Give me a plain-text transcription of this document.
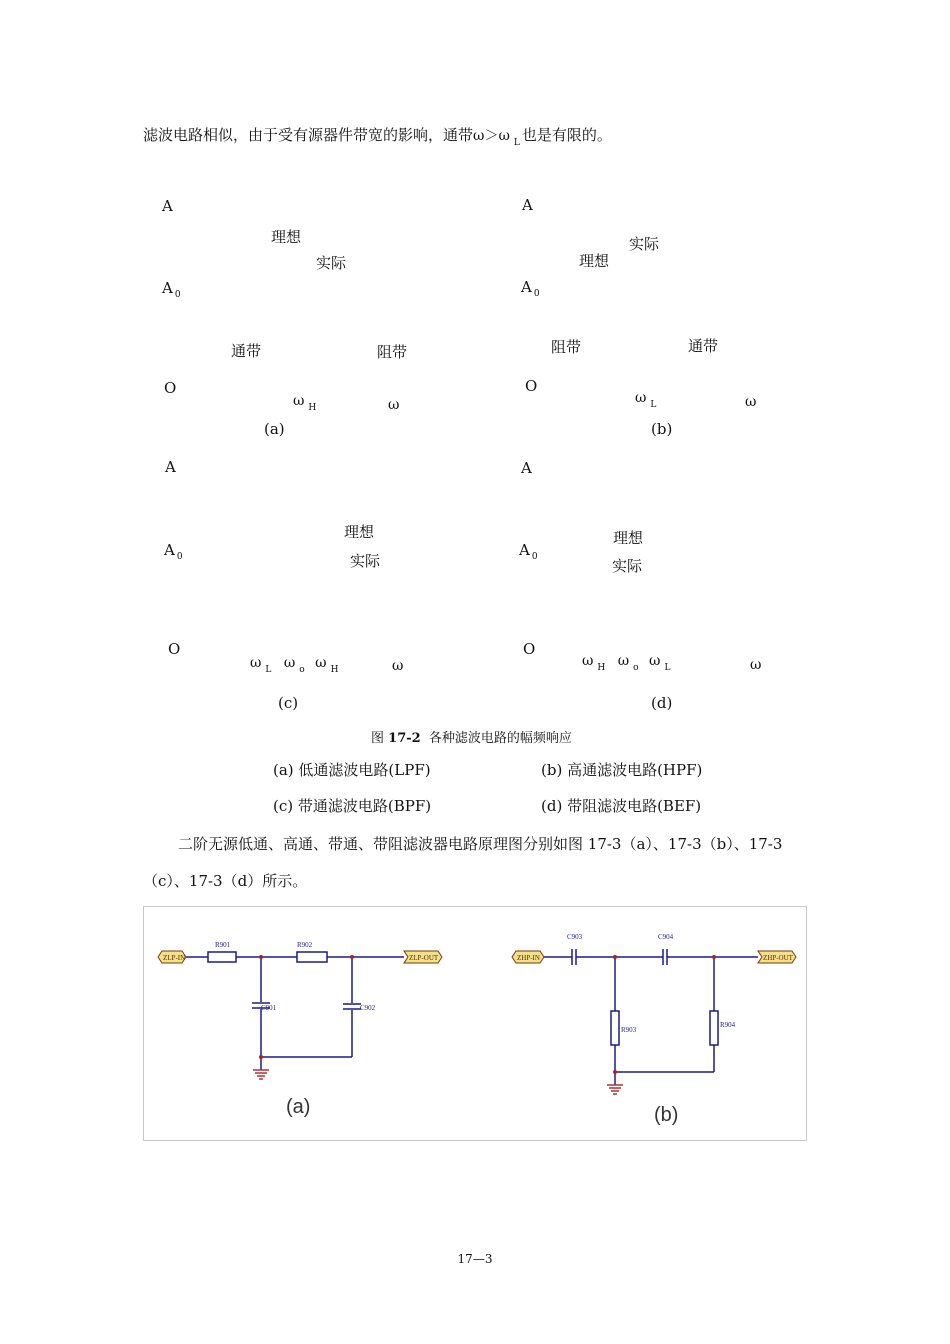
滤波电路相似，由于受有源器件带宽的影响，通带ω＞ω $_L$ 也是有限的。
A
理想
实际
A $_0$
通带	阻带
O
ω $_H$	ω
(a)
A
实际
理想
A $_0$
阻带	通带
O
ω $_L$	ω
(b)
A
理想
A $_0$	实际
O
ω $_L$ ω $_o$ ω $_H$	ω
(c)
A
理想
A $_0$	实际
O
ω $_H$ ω $_o$ ω $_L$	ω
(d)
图 17-2 各种滤波电路的幅频响应
(a) 低通滤波电路(LPF)	(b) 高通滤波电路(HPF)
(c) 带通滤波电路(BPF)	(d) 带阻滤波电路(BEF)
二阶无源低通、高通、带通、带阻滤波器电路原理图分别如图 17-3（a）、17-3（b）、17-3
（c）、17-3（d）所示。
ZLP-IN	ZLP-OUT
R901	R902
C901	C902
ZHP-IN	ZHP-OUT
C903	C904
R903
R904
(a)	(b)
17—3
